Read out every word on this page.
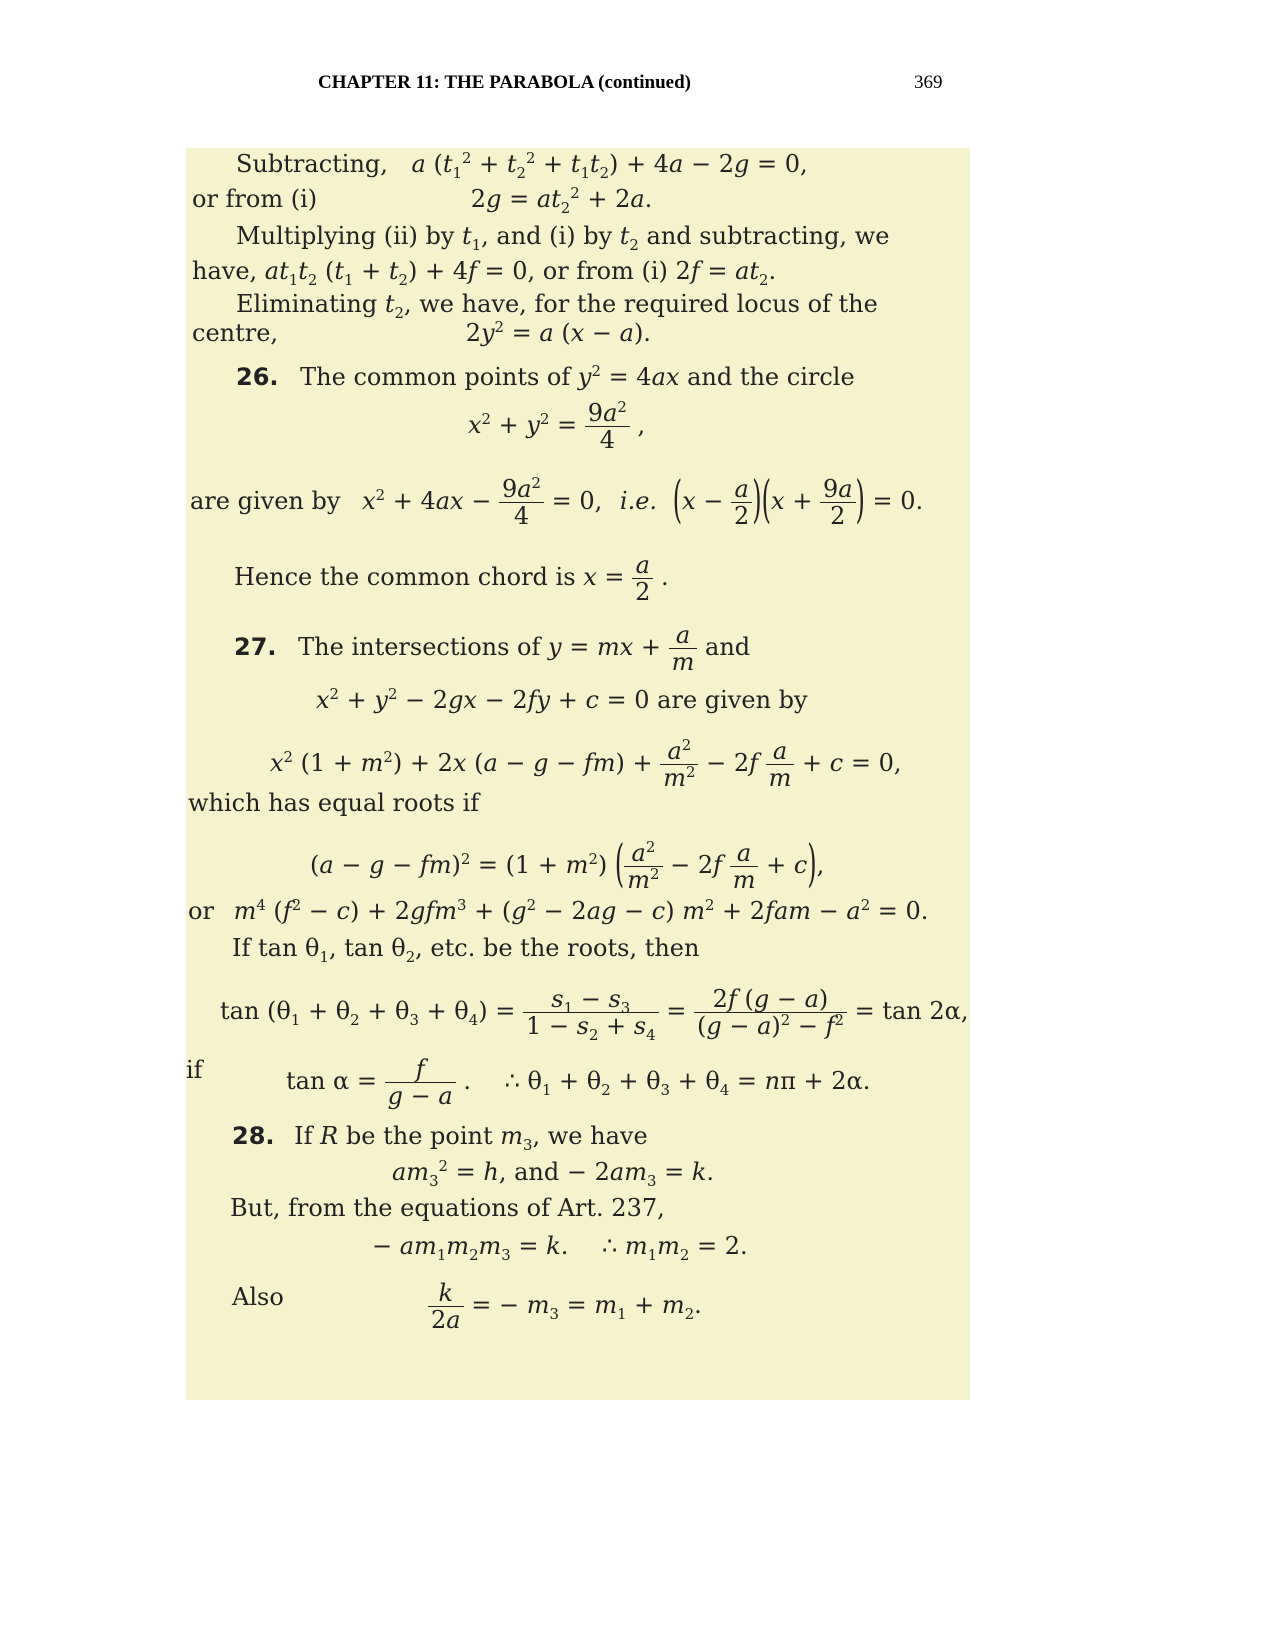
CHAPTER 11: THE PARABOLA (continued)	369
Subtracting, a $(t_1^2 + t_2^2 + t_1t_2) + 4a - 2g = 0$,
or from (i)	$2g = at_2^2 + 2a$.
Multiplying (ii) by $t_1$, and (i) by $t_2$ and subtracting, we
have, $at_1t_2$ $(t_1 + t_2) + 4f = 0$, or from (i) $2f = at_2$.
Eliminating $t_2$, we have, for the required locus of the
centre,	$2y^2 = a$ (x − a).
26. The common points of $y^2 = 4ax$ and the circle
$x^2 + y^2 = \frac{9a^2}{4}$ ,
are given by $x^2 + 4ax - \frac{9a^2}{4} = 0$, i.e. $(x - \frac{a}{2} )(x + \frac{9a}{2}$ ) = 0.
Hence the common chord is $x = \frac{a}{2}$ .
27. The intersections of y = mx + $\frac{a}{m}$ and
$x^2 + y^2 - 2gx - 2fy + c = 0$ are given by
$x^2$ $(1 + m^2) + 2x$ $(a - g - fm) + \frac{a^2}{m^2} - 2f \frac{a}{m} + c = 0$,
which has equal roots if
$(a - g - fm)^2 = (1 + m^2)$ ( $\frac{a^2}{m^2} - 2f \frac{a}{m} + c$),
or $m^4$ $(f^2 - c) + 2gfm^3 + (g^2 - 2ag - c) m^2 + 2fam - a^2 = 0$.
If $\tan \theta_1$, $\tan \theta_2$, etc. be the roots, then
$\tan (\theta_1 + \theta_2 + \theta_3 + \theta_4) = \frac{s_1 - s_3}{1 - s_2 + s_4} = \frac{2f (g - a)}{(g - a)^2 - f^2} = \tan 2\alpha$,
if	$\tan \alpha = \frac{f}{g - a}$ . ∴ $\theta_1 + \theta_2 + \theta_3 + \theta_4 = n\pi + 2\alpha$.
28. If R be the point $m_3$, we have
$am_3^2 = h$, and − $2am_3 = k$.
But, from the equations of Art. 237,
− $am_1m_2m_3 = k$. ∴ $m_1m_2 = 2$.
Also	$\frac{k}{2a}$ = − $m_3 = m_1 + m_2$.
